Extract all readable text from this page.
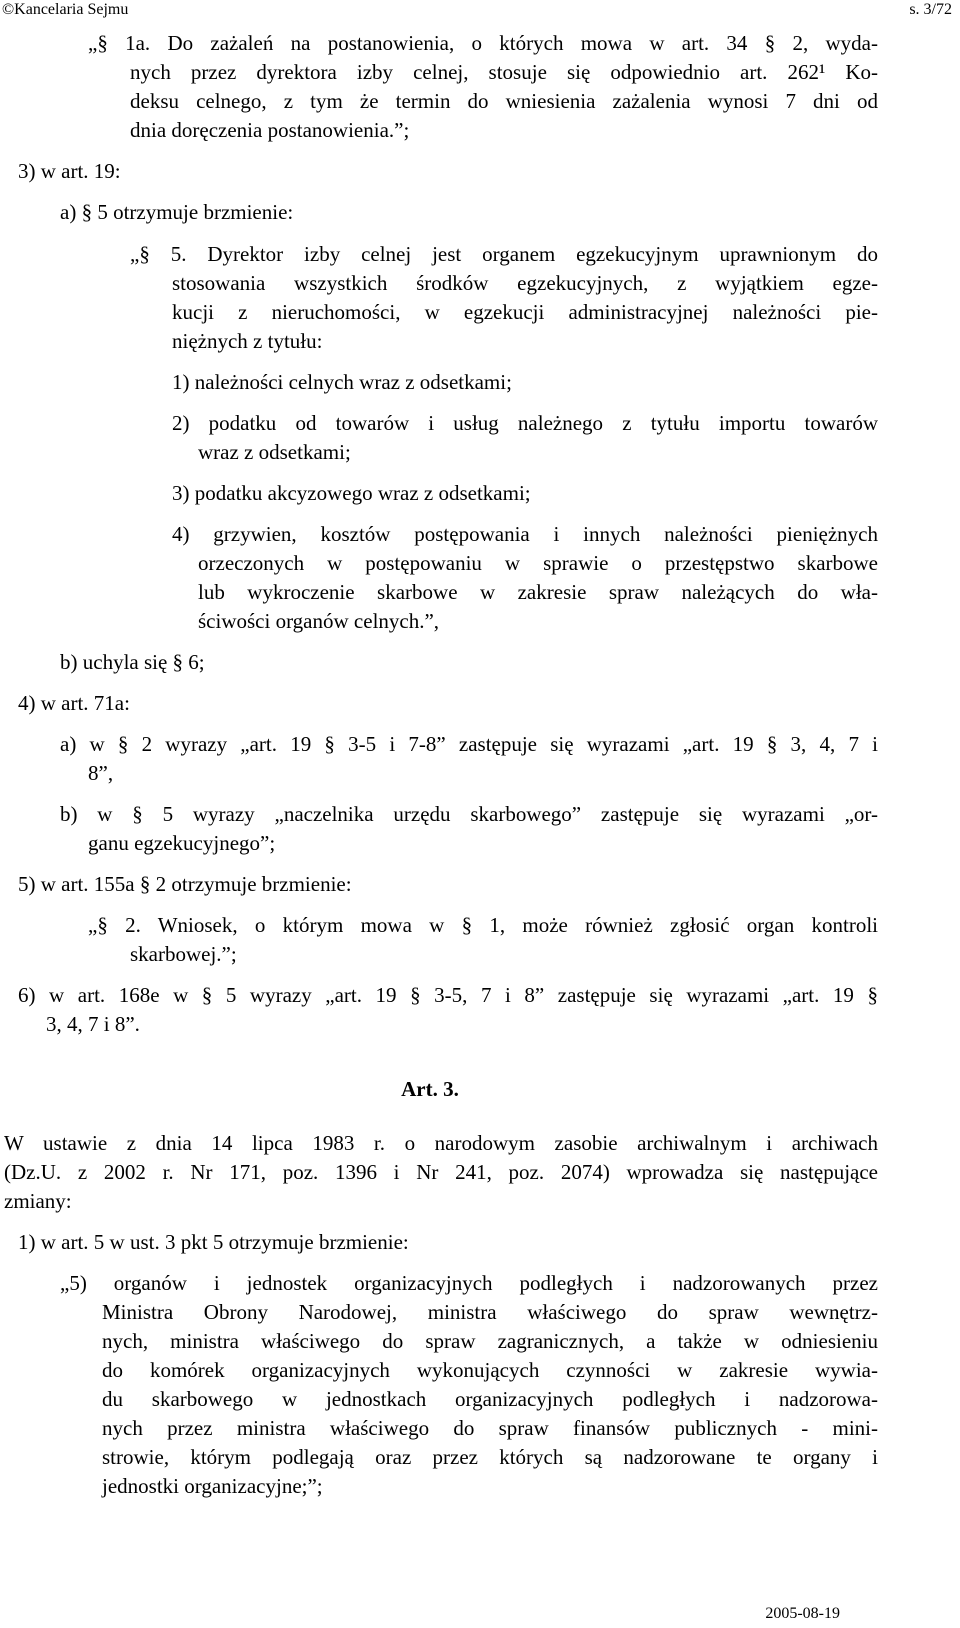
©Kancelaria Sejmu	s. 3/72
„§ 1a. Do zażaleń na postanowienia, o których mowa w art. 34 § 2, wyda-
nych przez dyrektora izby celnej, stosuje się odpowiednio art. 262¹ Ko-
deksu celnego, z tym że termin do wniesienia zażalenia wynosi 7 dni od
dnia doręczenia postanowienia.”;
3) w art. 19:
a) § 5 otrzymuje brzmienie:
„§ 5. Dyrektor izby celnej jest organem egzekucyjnym uprawnionym do
stosowania wszystkich środków egzekucyjnych, z wyjątkiem egze-
kucji z nieruchomości, w egzekucji administracyjnej należności pie-
niężnych z tytułu:
1) należności celnych wraz z odsetkami;
2) podatku od towarów i usług należnego z tytułu importu towarów
wraz z odsetkami;
3) podatku akcyzowego wraz z odsetkami;
4) grzywien, kosztów postępowania i innych należności pieniężnych
orzeczonych w postępowaniu w sprawie o przestępstwo skarbowe
lub wykroczenie skarbowe w zakresie spraw należących do wła-
ściwości organów celnych.”,
b) uchyla się § 6;
4) w art. 71a:
a) w § 2 wyrazy „art. 19 § 3-5 i 7-8” zastępuje się wyrazami „art. 19 § 3, 4, 7 i
8”,
b) w § 5 wyrazy „naczelnika urzędu skarbowego” zastępuje się wyrazami „or-
ganu egzekucyjnego”;
5) w art. 155a § 2 otrzymuje brzmienie:
„§ 2. Wniosek, o którym mowa w § 1, może również zgłosić organ kontroli
skarbowej.”;
6) w art. 168e w § 5 wyrazy „art. 19 § 3-5, 7 i 8” zastępuje się wyrazami „art. 19 §
3, 4, 7 i 8”.
W ustawie z dnia 14 lipca 1983 r. o narodowym zasobie archiwalnym i archiwach
(Dz.U. z 2002 r. Nr 171, poz. 1396 i Nr 241, poz. 2074) wprowadza się następujące
zmiany:
1) w art. 5 w ust. 3 pkt 5 otrzymuje brzmienie:
„5) organów i jednostek organizacyjnych podległych i nadzorowanych przez
Ministra Obrony Narodowej, ministra właściwego do spraw wewnętrz-
nych, ministra właściwego do spraw zagranicznych, a także w odniesieniu
do komórek organizacyjnych wykonujących czynności w zakresie wywia-
du skarbowego w jednostkach organizacyjnych podległych i nadzorowa-
nych przez ministra właściwego do spraw finansów publicznych - mini-
strowie, którym podlegają oraz przez których są nadzorowane te organy i
jednostki organizacyjne;”;
Art. 3.
2005-08-19
